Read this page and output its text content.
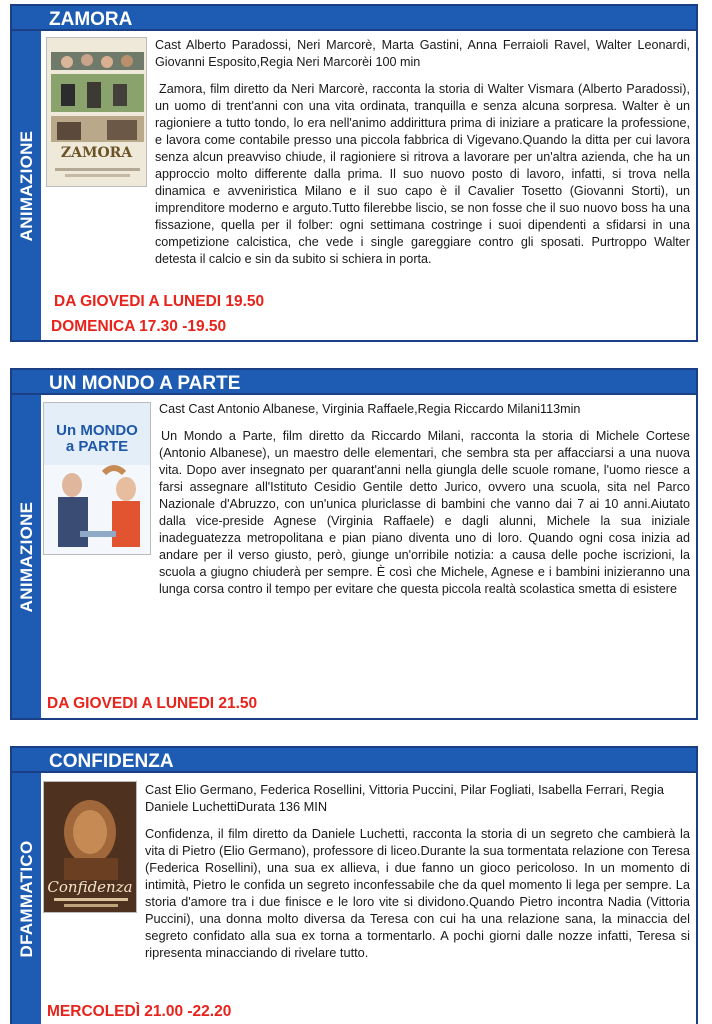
ZAMORA
ANIMAZIONE	ZAMORA

Cast Alberto Paradossi, Neri Marcorè, Marta Gastini, Anna Ferraioli Ravel, Walter Leonardi, Giovanni Esposito,Regia Neri Marcorèi 100 min

Zamora, film diretto da Neri Marcorè, racconta la storia di Walter Vismara (Alberto Paradossi), un uomo di trent'anni con una vita ordinata, tranquilla e senza alcuna sorpresa. Walter è un ragioniere a tutto tondo, lo era nell'animo addirittura prima di iniziare a praticare la professione, e lavora come contabile presso una piccola fabbrica di Vigevano.Quando la ditta per cui lavora senza alcun preavviso chiude, il ragioniere si ritrova a lavorare per un'altra azienda, che ha un approccio molto differente dalla prima. Il suo nuovo posto di lavoro, infatti, si trova nella dinamica e avveniristica Milano e il suo capo è il Cavalier Tosetto (Giovanni Storti), un imprenditore moderno e arguto.Tutto filerebbe liscio, se non fosse che il suo nuovo boss ha una fissazione, quella per il folber: ogni settimana costringe i suoi dipendenti a sfidarsi in una competizione calcistica, che vede i single gareggiare contro gli sposati. Purtroppo Walter detesta il calcio e sin da subito si schiera in porta.

DA GIOVEDI A LUNEDI 19.50
DOMENICA 17.30 -19.50
UN MONDO A PARTE
ANIMAZIONE
Un MONDO a PARTE

Cast Cast Antonio Albanese, Virginia Raffaele,Regia Riccardo Milani113min

Un Mondo a Parte, film diretto da Riccardo Milani, racconta la storia di Michele Cortese (Antonio Albanese), un maestro delle elementari, che sembra sta per affacciarsi a una nuova vita. Dopo aver insegnato per quarant'anni nella giungla delle scuole romane, l'uomo riesce a farsi assegnare all'Istituto Cesidio Gentile detto Jurico, ovvero una scuola, sita nel Parco Nazionale d'Abruzzo, con un'unica pluriclasse di bambini che vanno dai 7 ai 10 anni.Aiutato dalla vice-preside Agnese (Virginia Raffaele) e dagli alunni, Michele la sua iniziale inadeguatezza metropolitana e pian piano diventa uno di loro. Quando ogni cosa inizia ad andare per il verso giusto, però, giunge un'orribile notizia: a causa delle poche iscrizioni, la scuola a giugno chiuderà per sempre. È così che Michele, Agnese e i bambini inizieranno una lunga corsa contro il tempo per evitare che questa piccola realtà scolastica smetta di esistere

DA GIOVEDI A LUNEDI 21.50
CONFIDENZA
DFAMMATICO Confidenza

Cast Elio Germano, Federica Rosellini, Vittoria Puccini, Pilar Fogliati, Isabella Ferrari, Regia Daniele LuchettiDurata 136 MIN

Confidenza, il film diretto da Daniele Luchetti, racconta la storia di un segreto che cambierà la vita di Pietro (Elio Germano), professore di liceo.Durante la sua tormentata relazione con Teresa (Federica Rosellini), una sua ex allieva, i due fanno un gioco pericoloso. In un momento di intimità, Pietro le confida un segreto inconfessabile che da quel momento li lega per sempre. La storia d'amore tra i due finisce e le loro vite si dividono.Quando Pietro incontra Nadia (Vittoria Puccini), una donna molto diversa da Teresa con cui ha una relazione sana, la minaccia del segreto confidato alla sua ex torna a tormentarlo. A pochi giorni dalle nozze infatti, Teresa si ripresenta minacciando di rivelare tutto.

MERCOLEDÌ 21.00 -22.20
